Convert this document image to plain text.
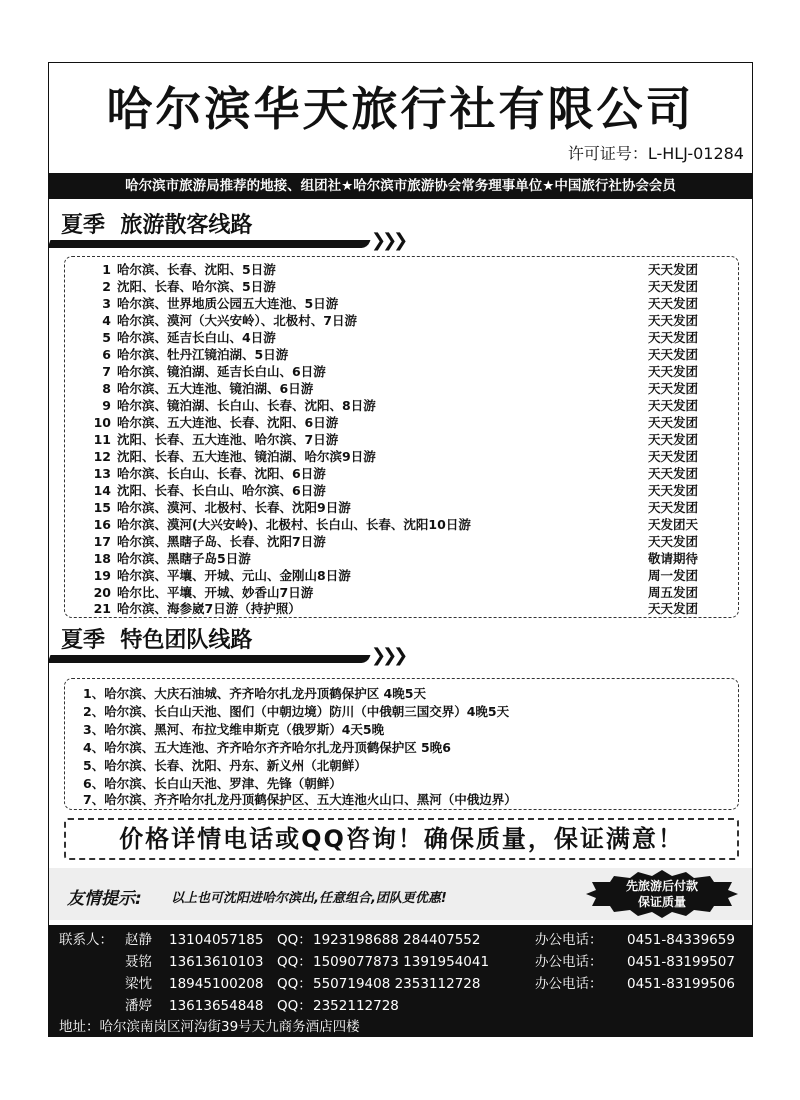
哈尔滨华天旅行社有限公司
许可证号：L-HLJ-01284
哈尔滨市旅游局推荐的地接、组团社★哈尔滨市旅游协会常务理事单位★中国旅行社协会会员
夏季  旅游散客线路
❯❯❯
1 哈尔滨、长春、沈阳、5日游	天天发团
2 沈阳、长春、哈尔滨、5日游	天天发团
3 哈尔滨、世界地质公园五大连池、5日游	天天发团
4 哈尔滨、漠河（大兴安岭）、北极村、7日游	天天发团
5 哈尔滨、延吉长白山、4日游	天天发团
6 哈尔滨、牡丹江镜泊湖、5日游	天天发团
7 哈尔滨、镜泊湖、延吉长白山、6日游	天天发团
8 哈尔滨、五大连池、镜泊湖、6日游	天天发团
9 哈尔滨、镜泊湖、长白山、长春、沈阳、8日游	天天发团
10 哈尔滨、五大连池、长春、沈阳、6日游	天天发团
11 沈阳、长春、五大连池、哈尔滨、7日游	天天发团
12 沈阳、长春、五大连池、镜泊湖、哈尔滨9日游	天天发团
13 哈尔滨、长白山、长春、沈阳、6日游	天天发团
14 沈阳、长春、长白山、哈尔滨、6日游	天天发团
15 哈尔滨、漠河、北极村、长春、沈阳9日游	天天发团
16 哈尔滨、漠河(大兴安岭)、北极村、长白山、长春、沈阳10日游	天发团天
17 哈尔滨、黑瞎子岛、长春、沈阳7日游	天天发团
18 哈尔滨、黑瞎子岛5日游	敬请期待
19 哈尔滨、平壤、开城、元山、金刚山8日游	周一发团
20 哈尔比、平壤、开城、妙香山7日游	周五发团
21 哈尔滨、海参崴7日游（持护照）	天天发团
夏季  特色团队线路
❯❯❯
1、哈尔滨、大庆石油城、齐齐哈尔扎龙丹顶鹤保护区 4晚5天
2、哈尔滨、长白山天池、图们（中朝边境）防川（中俄朝三国交界）4晚5天
3、哈尔滨、黑河、布拉戈维申斯克（俄罗斯）4天5晚
4、哈尔滨、五大连池、齐齐哈尔齐齐哈尔扎龙丹顶鹤保护区 5晚6
5、哈尔滨、长春、沈阳、丹东、新义州（北朝鲜）
6、哈尔滨、长白山天池、罗津、先锋（朝鲜）
7、哈尔滨、齐齐哈尔扎龙丹顶鹤保护区、五大连池火山口、黑河（中俄边界）
价格详情电话或QQ咨询！确保质量，保证满意！
友情提示: 以上也可沈阳进哈尔滨出,任意组合,团队更优惠!
先旅游后付款
保证质量
联系人： 赵静 13104057185 QQ： 1923198688 284407552	办公电话： 0451-84339659
聂铭 13613610103 QQ： 1509077873 1391954041	办公电话： 0451-83199507
梁忱 18945100208 QQ： 550719408 2353112728	办公电话： 0451-83199506
潘婷 13613654848 QQ： 2352112728
地址：哈尔滨南岗区河沟街39号天九商务酒店四楼
